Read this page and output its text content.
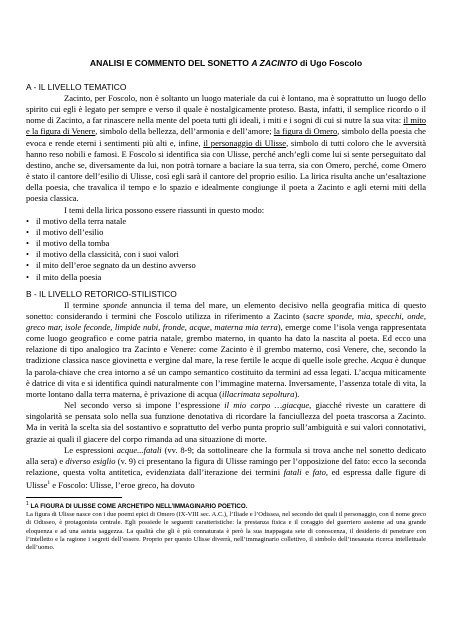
ANALISI E COMMENTO DEL SONETTO A ZACINTO di Ugo Foscolo

A - IL LIVELLO TEMATICO

Zacinto, per Foscolo, non è soltanto un luogo materiale da cui è lontano, ma è soprattutto un luogo dello spirito cui egli è legato per sempre e verso il quale è nostalgicamente proteso. Basta, infatti, il semplice ricordo o il nome di Zacinto, a far rinascere nella mente del poeta tutti gli ideali, i miti e i sogni di cui si nutre la sua vita: il mito e la figura di Venere, simbolo della bellezza, dell’armonia e dell’amore; la figura di Omero, simbolo della poesia che evoca e rende eterni i sentimenti più alti e, infine, il personaggio di Ulisse, simbolo di tutti coloro che le avversità hanno reso nobili e famosi. E Foscolo si identifica sia con Ulisse, perché anch’egli come lui si sente perseguitato dal destino, anche se, diversamente da lui, non potrà tornare a baciare la sua terra, sia con Omero, perché, come Omero è stato il cantore dell’esilio di Ulisse, così egli sarà il cantore del proprio esilio. La lirica risulta anche un’esaltazione della poesia, che travalica il tempo e lo spazio e idealmente congiunge il poeta a Zacinto e agli eterni miti della poesia classica.

I temi della lirica possono essere riassunti in questo modo:

• il motivo della terra natale
• il motivo dell’esilio
• il motivo della tomba
• il motivo della classicità, con i suoi valori
• il mito dell’eroe segnato da un destino avverso
• il mito della poesia

B - IL LIVELLO RETORICO-STILISTICO

Il termine sponde annuncia il tema del mare, un elemento decisivo nella geografia mitica di questo sonetto: considerando i termini che Foscolo utilizza in riferimento a Zacinto (sacre sponde, mia, specchi, onde, greco mar, isole feconde, limpide nubi, fronde, acque, materna mia terra), emerge come l’isola venga rappresentata come luogo geografico e come patria natale, grembo materno, in quanto ha dato la nascita al poeta. Ed ecco una relazione di tipo analogico tra Zacinto e Venere: come Zacinto è il grembo materno, così Venere, che, secondo la tradizione classica nasce giovinetta e vergine dal mare, la rese fertile le acque di quelle isole greche. Acqua è dunque la parola-chiave che crea intorno a sé un campo semantico costituito da termini ad essa legati. L’acqua miticamente è datrice di vita e si identifica quindi naturalmente con l’immagine materna. Inversamente, l’assenza totale di vita, la morte lontano dalla terra materna, è privazione di acqua (illacrimata sepoltura).

Nel secondo verso si impone l’espressione il mio corpo …giacque, giacché riveste un carattere di singolarità se pensata solo nella sua funzione denotativa di ricordare la fanciullezza del poeta trascorsa a Zacinto. Ma in verità la scelta sia del sostantivo e soprattutto del verbo punta proprio sull’ambiguità e sui valori connotativi, grazie ai quali il giacere del corpo rimanda ad una situazione di morte.

Le espressioni acque...fatali (vv. 8-9; da sottolineare che la formula si trova anche nel sonetto dedicato alla sera) e diverso esiglio (v. 9) ci presentano la figura di Ulisse ramingo per l’opposizione del fato: ecco la seconda relazione, questa volta antitetica, evidenziata dall’iterazione dei termini fatali e fato, ed espressa dalle figure di Ulisse$^1$ e Foscolo: Ulisse, l’eroe greco, ha dovuto

$^1$ LA FIGURA DI ULISSE COME ARCHETIPO NELL’IMMAGINARIO POETICO.

La figura di Ulisse nasce con i due poemi epici di Omero (IX-VIII sec. A.C.), l’Iliade e l’Odissea, nel secondo dei quali il personaggio, con il nome greco di Odisseo, è protagonista centrale. Egli possiede le seguenti caratteristiche: la prestanza fisica e il coraggio del guerriero assieme ad una grande eloquenza e ad una astuta saggezza. La qualità che gli è più connaturata è però la sua inappagata sete di conoscenza, il desiderio di penetrare con l’intelletto e la ragione i segreti dell’essere. Proprio per questo Ulisse diverrà, nell’immaginario collettivo, il simbolo dell’inesausta ricerca intellettuale dell’uomo.
